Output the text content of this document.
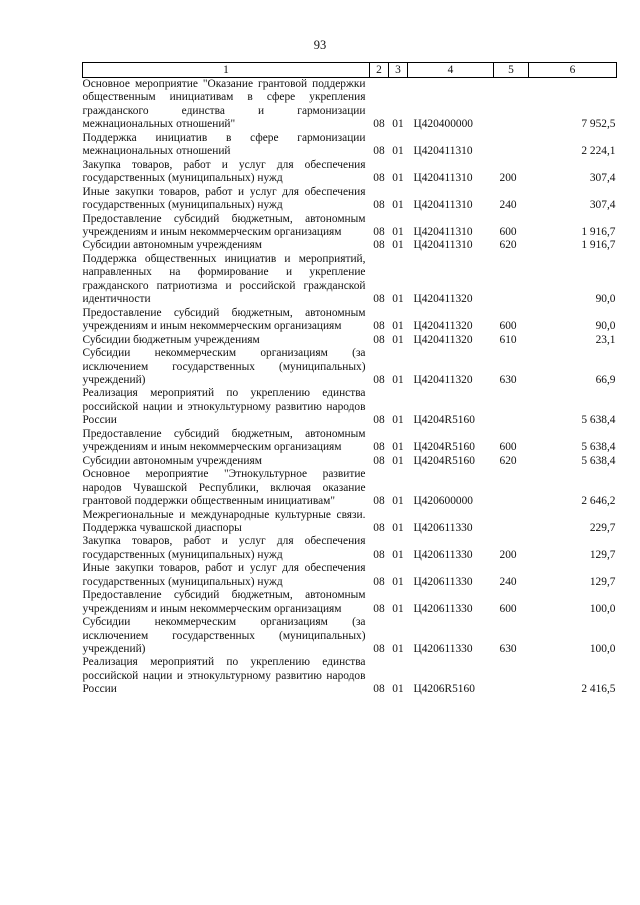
93
1	2	3	4	5	6
Основное мероприятие "Оказание грантовой поддержки общественным инициативам в сфере укрепления гражданского единства и гармонизации межнациональных отношений"	08	01	Ц420400000		7 952,5
Поддержка инициатив в сфере гармонизации межнациональных отношений	08	01	Ц420411310		2 224,1
Закупка товаров, работ и услуг для обеспечения государственных (муниципальных) нужд	08	01	Ц420411310	200	307,4
Иные закупки товаров, работ и услуг для обеспечения государственных (муниципальных) нужд	08	01	Ц420411310	240	307,4
Предоставление субсидий бюджетным, автономным учреждениям и иным некоммерческим организациям	08	01	Ц420411310	600	1 916,7
Субсидии автономным учреждениям	08	01	Ц420411310	620	1 916,7
Поддержка общественных инициатив и мероприятий, направленных на формирование и укрепление гражданского патриотизма и российской гражданской идентичности	08	01	Ц420411320		90,0
Предоставление субсидий бюджетным, автономным учреждениям и иным некоммерческим организациям	08	01	Ц420411320	600	90,0
Субсидии бюджетным учреждениям	08	01	Ц420411320	610	23,1
Субсидии некоммерческим организациям (за исключением государственных (муниципальных) учреждений)	08	01	Ц420411320	630	66,9
Реализация мероприятий по укреплению единства российской нации и этнокультурному развитию народов России	08	01	Ц4204R5160		5 638,4
Предоставление субсидий бюджетным, автономным учреждениям и иным некоммерческим организациям	08	01	Ц4204R5160	600	5 638,4
Субсидии автономным учреждениям	08	01	Ц4204R5160	620	5 638,4
Основное мероприятие "Этнокультурное развитие народов Чувашской Республики, включая оказание грантовой поддержки общественным инициативам"	08	01	Ц420600000		2 646,2
Межрегиональные и международные культурные связи. Поддержка чувашской диаспоры	08	01	Ц420611330		229,7
Закупка товаров, работ и услуг для обеспечения государственных (муниципальных) нужд	08	01	Ц420611330	200	129,7
Иные закупки товаров, работ и услуг для обеспечения государственных (муниципальных) нужд	08	01	Ц420611330	240	129,7
Предоставление субсидий бюджетным, автономным учреждениям и иным некоммерческим организациям	08	01	Ц420611330	600	100,0
Субсидии некоммерческим организациям (за исключением государственных (муниципальных) учреждений)	08	01	Ц420611330	630	100,0
Реализация мероприятий по укреплению единства российской нации и этнокультурному развитию народов России	08	01	Ц4206R5160		2 416,5
